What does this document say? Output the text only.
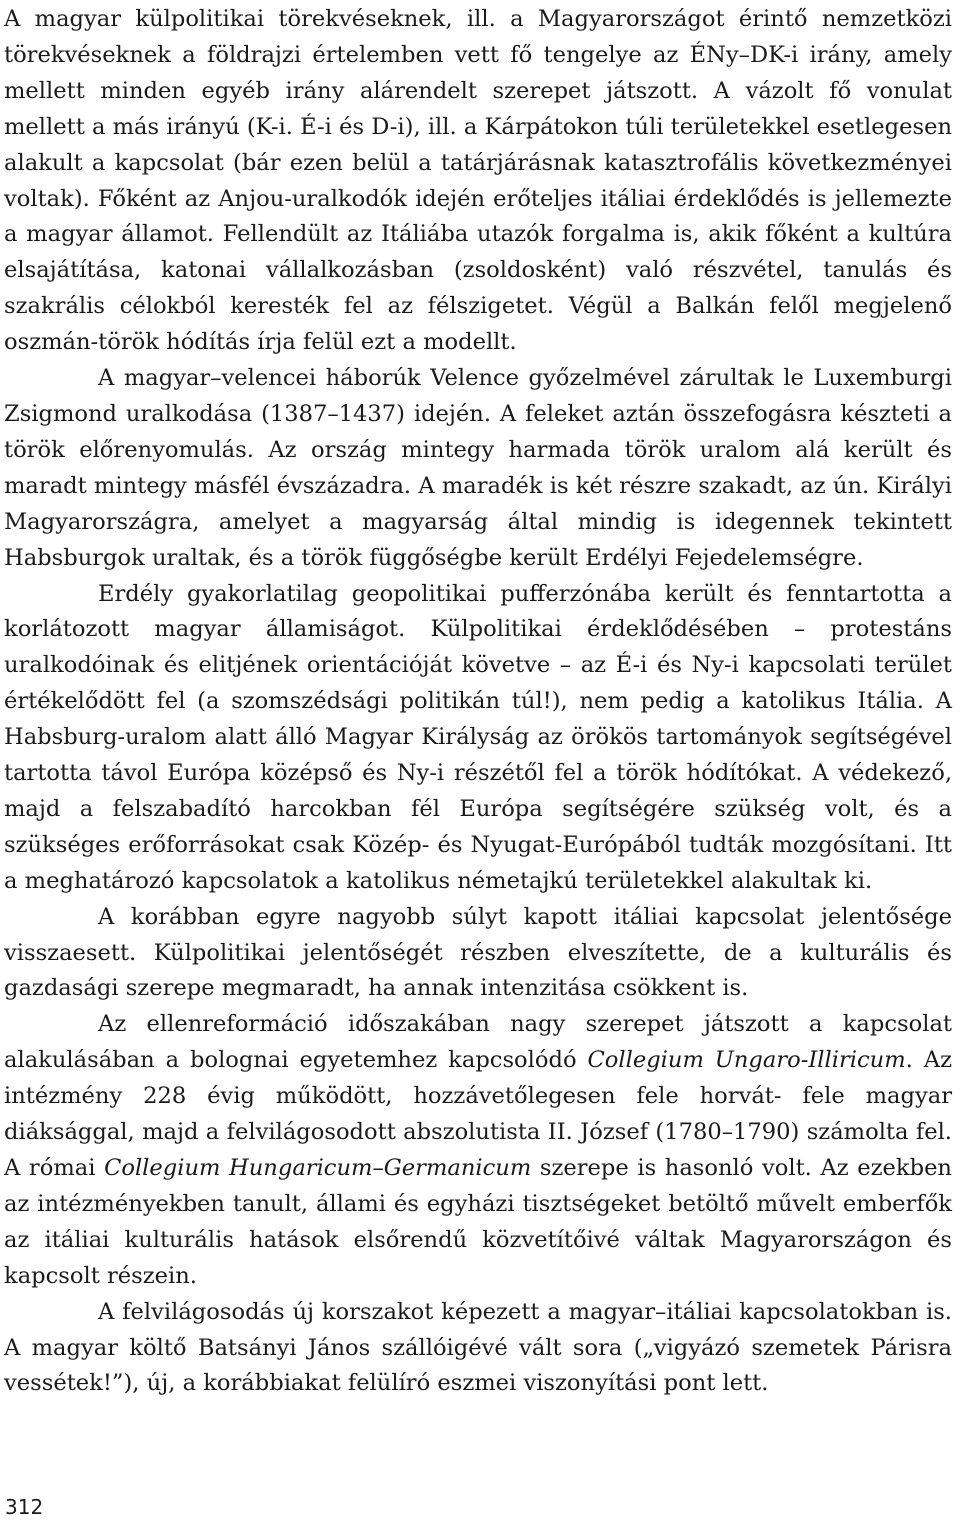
A magyar külpolitikai törekvéseknek, ill. a Magyarországot érintő nemzetközi törekvéseknek a földrajzi értelemben vett fő tengelye az ÉNy–DK-i irány, amely mellett minden egyéb irány alárendelt szerepet játszott. A vázolt fő vonulat mellett a más irányú (K-i. É-i és D-i), ill. a Kárpátokon túli területekkel esetlegesen alakult a kapcsolat (bár ezen belül a tatárjárásnak katasztrofális következményei voltak). Főként az Anjou-uralkodók idején erőteljes itáliai érdeklődés is jellemezte a magyar államot. Fellendült az Itáliába utazók forgalma is, akik főként a kultúra elsajátítása, katonai vállalkozásban (zsoldosként) való részvétel, tanulás és szakrális célokból keresték fel az félszigetet. Végül a Balkán felől megjelenő oszmán-török hódítás írja felül ezt a modellt.

A magyar–velencei háborúk Velence győzelmével zárultak le Luxemburgi Zsigmond uralkodása (1387–1437) idején. A feleket aztán összefogásra készteti a török előrenyomulás. Az ország mintegy harmada török uralom alá került és maradt mintegy másfél évszázadra. A maradék is két részre szakadt, az ún. Királyi Magyarországra, amelyet a magyarság által mindig is idegennek tekintett Habsburgok uraltak, és a török függőségbe került Erdélyi Fejedelemségre.

Erdély gyakorlatilag geopolitikai pufferzónába került és fenntartotta a korlátozott magyar államiságot. Külpolitikai érdeklődésében – protestáns uralkodóinak és elitjének orientációját követve – az É-i és Ny-i kapcsolati terület értékelődött fel (a szomszédsági politikán túl!), nem pedig a katolikus Itália. A Habsburg-uralom alatt álló Magyar Királyság az örökös tartományok segítségével tartotta távol Európa középső és Ny-i részétől fel a török hódítókat. A védekező, majd a felszabadító harcokban fél Európa segítségére szükség volt, és a szükséges erőforrásokat csak Közép- és Nyugat-Európából tudták mozgósítani. Itt a meghatározó kapcsolatok a katolikus németajkú területekkel alakultak ki.

A korábban egyre nagyobb súlyt kapott itáliai kapcsolat jelentősége visszaesett. Külpolitikai jelentőségét részben elveszítette, de a kulturális és gazdasági szerepe megmaradt, ha annak intenzitása csökkent is.

Az ellenreformáció időszakában nagy szerepet játszott a kapcsolat alakulásában a bolognai egyetemhez kapcsolódó Collegium Ungaro-Illiricum. Az intézmény 228 évig működött, hozzávetőlegesen fele horvát- fele magyar diáksággal, majd a felvilágosodott abszolutista II. József (1780–1790) számolta fel. A római Collegium Hungaricum–Germanicum szerepe is hasonló volt. Az ezekben az intézményekben tanult, állami és egyházi tisztségeket betöltő művelt emberfők az itáliai kulturális hatások elsőrendű közvetítőivé váltak Magyarországon és kapcsolt részein.

A felvilágosodás új korszakot képezett a magyar–itáliai kapcsolatokban is. A magyar költő Batsányi János szállóigévé vált sora („vigyázó szemetek Párisra vessétek!”), új, a korábbiakat felülíró eszmei viszonyítási pont lett.

312
